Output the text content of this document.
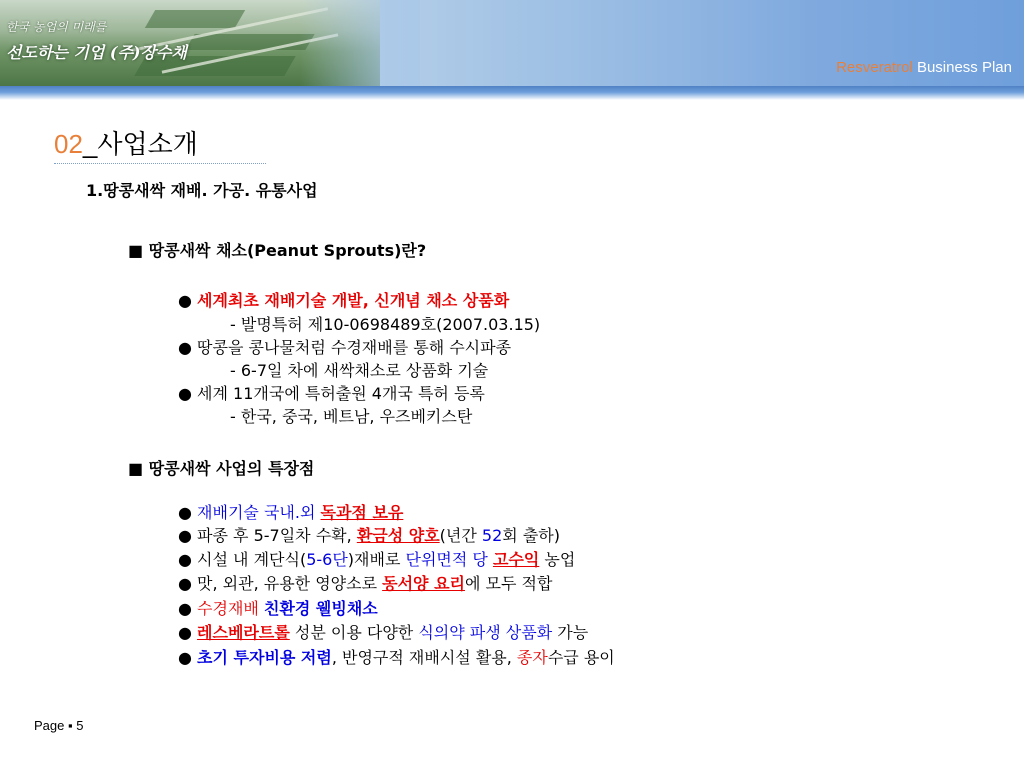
한국 농업의 미래를
선도하는 기업 (주)장수채
Resveratrol Business Plan
02_사업소개
1.땅콩새싹 재배. 가공. 유통사업
■ 땅콩새싹 채소(Peanut Sprouts)란?
● 세계최초 재배기술 개발, 신개념 채소 상품화
- 발명특허 제10-0698489호(2007.03.15)
● 땅콩을 콩나물처럼 수경재배를 통해 수시파종
- 6-7일 차에 새싹채소로 상품화 기술
● 세계 11개국에 특허출원 4개국 특허 등록
- 한국, 중국, 베트남, 우즈베키스탄
■ 땅콩새싹 사업의 특장점
● 재배기술 국내.외 독과점 보유
● 파종 후 5-7일차 수확, 환금성 양호(년간 52회 출하)
● 시설 내 계단식(5-6단)재배로 단위면적 당 고수익 농업
● 맛, 외관, 유용한 영양소로 동서양 요리에 모두 적합
● 수경재배 친환경 웰빙채소
● 레스베라트롤 성분 이용 다양한 식의약 파생 상품화 가능
● 초기 투자비용 저렴, 반영구적 재배시설 활용, 종자수급 용이
Page ▪ 5
